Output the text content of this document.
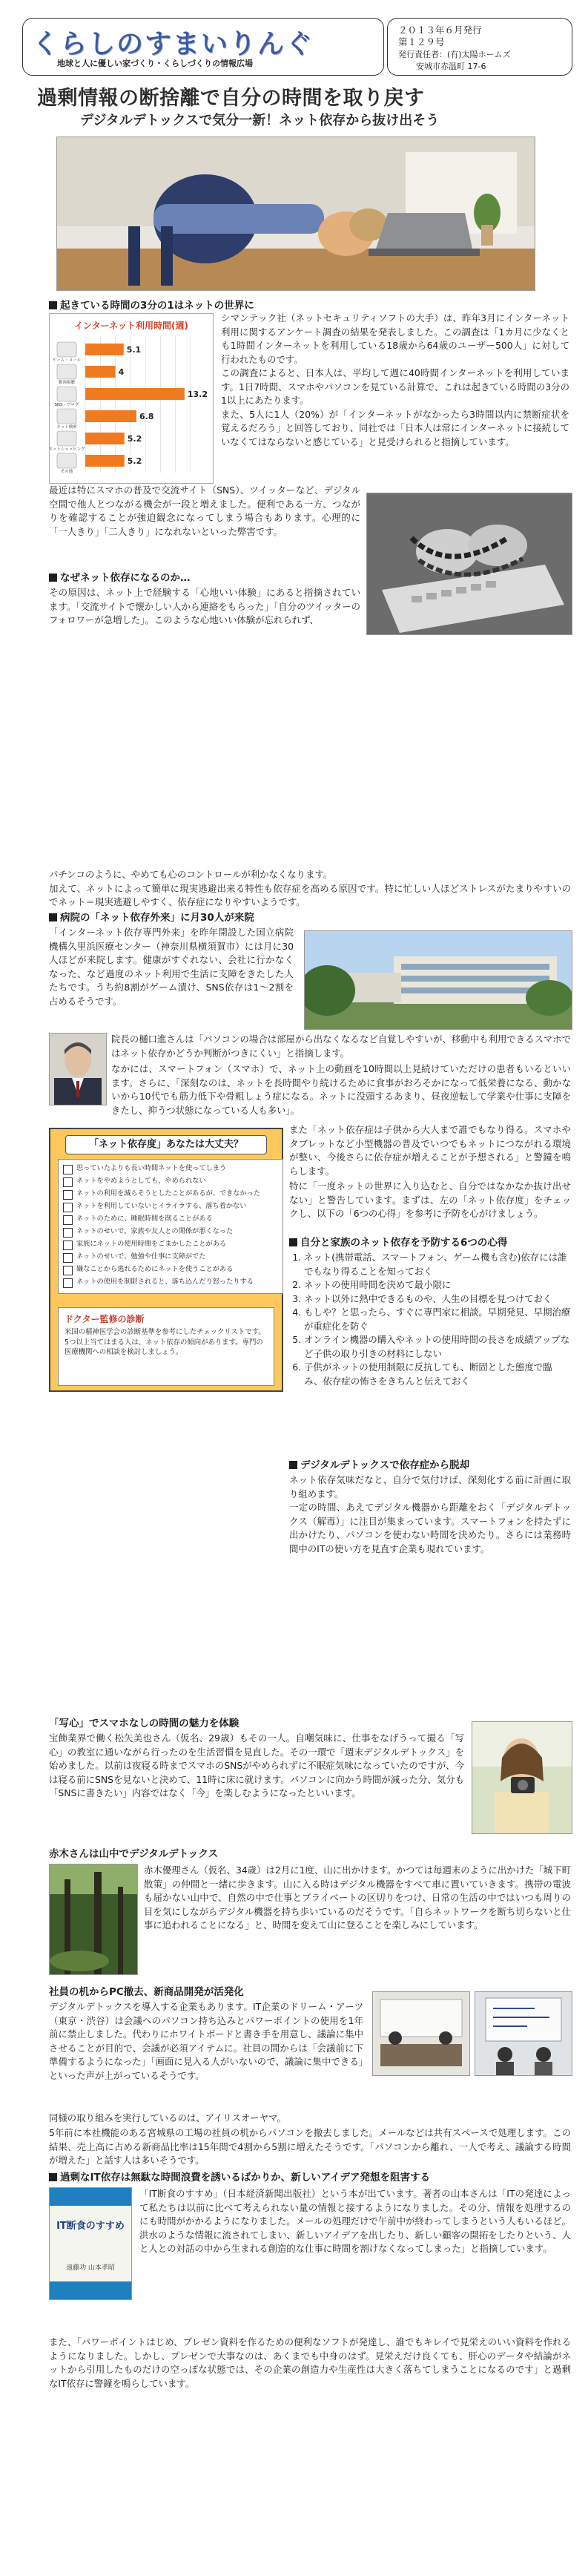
くらしのすまいりんぐ
地球と人に優しい家づくり・くらしづくりの情報広場
２０１３年６月発行
第１２９号
発行責任者：(有)太陽ホームズ
安城市赤温町 17-6
過剰情報の断捨離で自分の時間を取り戻す
デジタルデトックスで気分一新！ネット依存から抜け出そう
起きている時間の3分の1はネットの世界に
インターネット利用時間(週)
ゲーム・メール
5.1
動画視聴
4
SNS・ブログ
13.2
ネット検索
6.8
ネットショッピング
5.2
その他
5.2

シマンテック社（ネットセキュリティソフトの大手）は、昨年3月にインターネット利用に関するアンケート調査の結果を発表しました。この調査は「1カ月に少なくとも1時間インターネットを利用している18歳から64歳のユーザー500人」に対して行われたものです。

この調査によると、日本人は、平均して週に40時間インターネットを利用しています。1日7時間、スマホやパソコンを見ている計算で、これは起きている時間の3分の1以上にあたります。

また、5人に1人（20%）が「インターネットがなかったら3時間以内に禁断症状を覚えるだろう」と回答しており、同社では「日本人は常にインターネットに接続していなくてはならないと感じている」と見受けられると指摘しています。

最近は特にスマホの普及で交流サイト（SNS）、ツイッターなど、デジタル空間で他人とつながる機会が一段と増えました。便利である一方、つながりを確認することが強迫観念になってしまう場合もあります。心理的に「一人きり」「二人きり」になれないといった弊害です。
なぜネット依存になるのか…
その原因は、ネット上で経験する「心地いい体験」にあると指摘されています。「交流サイトで懐かしい人から連絡をもらった」「自分のツイッターのフォロワーが急増した」。このような心地いい体験が忘れられず、

パチンコのように、やめても心のコントロールが利かなくなります。

加えて、ネットによって簡単に現実逃避出来る特性も依存症を高める原因です。特に忙しい人ほどストレスがたまりやすいのでネット＝現実逃避しやすく、依存症になりやすいようです。

病院の「ネット依存外来」に月30人が来院
「インターネット依存専門外来」を昨年開設した国立病院機構久里浜医療センター（神奈川県横須賀市）には月に30人ほどが来院します。健康がすぐれない、会社に行かなくなった、など過度のネット利用で生活に支障をきたした人たちです。うち約8割がゲーム漬け、SNS依存は1〜2割を占めるそうです。
院長の樋口進さんは「パソコンの場合は部屋から出なくなるなど自覚しやすいが、移動中も利用できるスマホではネット依存かどうか判断がつきにくい」と指摘します。
なかには、スマートフォン（スマホ）で、ネット上の動画を10時間以上見続けていただけの患者もいるといいます。さらに、「深刻なのは、ネットを長時間やり続けるために食事がおろそかになって低栄養になる、動かないから10代でも筋力低下や骨粗しょう症になる。ネットに没頭するあまり、昼夜逆転して学業や仕事に支障をきたし、抑うつ状態になっている人も多い」。
「ネット依存度」あなたは大丈夫？
思っていたよりも長い時間ネットを使ってしまう
ネットをやめようとしても、やめられない
ネットの利用を減らそうとしたことがあるが、できなかった
ネットを利用していないとイライラする、落ち着かない
ネットのために、睡眠時間を削ることがある
ネットのせいで、家族や友人との関係が悪くなった
家族にネットの使用時間をごまかしたことがある
ネットのせいで、勉強や仕事に支障がでた
嫌なことから逃れるためにネットを使うことがある
ネットの使用を制限されると、落ち込んだり怒ったりする
ドクター監修の診断
米国の精神医学会の診断基準を参考にしたチェックリストです。5つ以上当てはまる人は、ネット依存の傾向があります。専門の医療機関への相談を検討しましょう。
また「ネット依存症は子供から大人まで誰でもなり得る。スマホやタブレットなど小型機器の普及でいつでもネットにつながれる環境が整い、今後さらに依存症が増えることが予想される」と警鐘を鳴らします。
特に「一度ネットの世界に入り込むと、自分ではなかなか抜け出せない」と警告しています。まずは、左の「ネット依存度」をチェックし、以下の「6つの心得」を参考に予防を心がけましょう。
自分と家族のネット依存を予防する6つの心得
1. ネット(携帯電話、スマートフォン、ゲーム機も含む)依存には誰でもなり得ることを知っておく
2. ネットの使用時間を決めて最小限に
3. ネット以外に熱中できるものや、人生の目標を見つけておく
4. もしや？と思ったら、すぐに専門家に相談。早期発見、早期治療が重症化を防ぐ
5. オンライン機器の購入やネットの使用時間の長さを成績アップなど子供の取り引きの材料にしない
6. 子供がネットの使用制限に反抗しても、断固とした態度で臨み、依存症の怖さをきちんと伝えておく
デジタルデトックスで依存症から脱却

ネット依存気味だなと、自分で気付けば、深刻化する前に計画に取り組めます。

一定の時間、あえてデジタル機器から距離をおく「デジタルデトックス（解毒）」に注目が集まっています。スマートフォンを持たずに出かけたり、パソコンを使わない時間を決めたり。さらには業務時間中のITの使い方を見直す企業も現れています。

「写心」でスマホなしの時間の魅力を体験
宝飾業界で働く松矢美也さん（仮名、29歳）もその一人。自嘲気味に、仕事をなげうって撮る「写心」の教室に通いながら行ったのを生活習慣を見直した。その一環で「週末デジタルデトックス」を始めました。以前は夜寝る時までスマホのSNSがやめられずに不眠症気味になっていたのですが、今は寝る前にSNSを見ないと決めて、11時に床に就けます。パソコンに向かう時間が減った分、気分も「SNSに書きたい」内容ではなく「今」を楽しむようになったといいます。
赤木さんは山中でデジタルデトックス
赤木優理さん（仮名、34歳）は2月に1度、山に出かけます。かつては毎週末のように出かけた「城下町散策」の仲間と一緒に歩きます。山に入る時はデジタル機器をすべて車に置いていきます。携帯の電波も届かない山中で、自然の中で仕事とプライベートの区切りをつけ、日常の生活の中ではいつも周りの目を気にしながらデジタル機器を持ち歩いているのだそうです。「自らネットワークを断ち切らないと仕事に追われることになる」と、時間を変えて山に登ることを楽しみにしています。
社員の机からPC撤去、新商品開発が活発化
デジタルデトックスを導入する企業もあります。IT企業のドリーム・アーツ（東京・渋谷）は会議へのパソコン持ち込みとパワーポイントの使用を1年前に禁止しました。代わりにホワイトボードと書き手を用意し、議論に集中させることが目的で、会議が必須アイテムに。社員の間からは「会議前に下準備するようになった」「画面に見入る人がいないので、議論に集中できる」といった声が上がっているそうです。
同様の取り組みを実行しているのは、アイリスオーヤマ。
5年前に本社機能のある宮城県の工場の社員の机からパソコンを撤去しました。メールなどは共有スペースで処理します。この結果、売上高に占める新商品比率は15年間で4割から5割に増えたそうです。「パソコンから離れ、一人で考え、議論する時間が増えた」と話す人は多いそうです。
過剰なIT依存は無駄な時間浪費を誘いるばかりか、新しいアイデア発想を阻害する
IT断食のすすめ
遠藤功 山本孝昭
「IT断食のすすめ」（日本経済新聞出版社）という本が出ています。著者の山本さんは「ITの発達によって私たちは以前に比べて考えられない量の情報と接するようになりました。その分、情報を処理するのにも時間がかかるようになりました。メールの処理だけで午前中が終わってしまうという人もいるほど。洪水のような情報に流されてしまい、新しいアイデアを出したり、新しい顧客の開拓をしたりという、人と人との対話の中から生まれる創造的な仕事に時間を割けなくなってしまった」と指摘しています。
また、「パワーポイントはじめ、プレゼン資料を作るための便利なソフトが発達し、誰でもキレイで見栄えのいい資料を作れるようになりました。しかし、プレゼンで大事なのは、あくまでも中身のはず。見栄えだけ良くても、肝心のデータや結論がネットから引用したものだけの空っぽな状態では、その企業の創造力や生産性は大きく落ちてしまうことになるのです」と過剰なIT依存に警鐘を鳴らしています。
